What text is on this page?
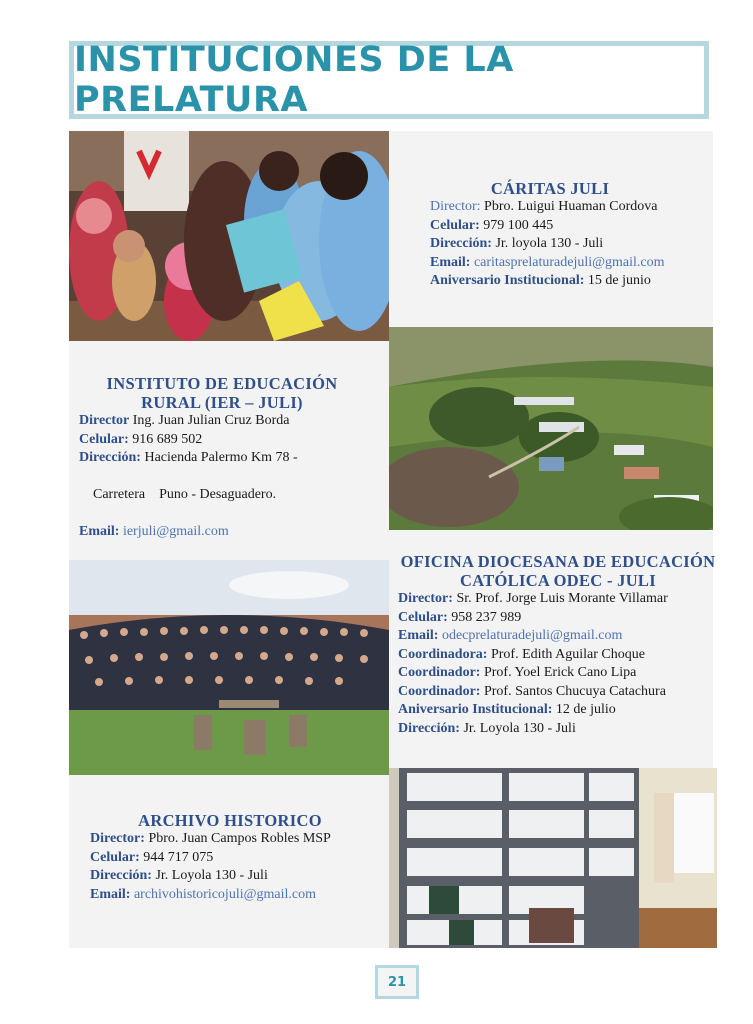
INSTITUCIONES DE LA PRELATURA
CÁRITAS JULI
Director: Pbro. Luigui Huaman Cordova
Celular: 979 100 445
Dirección: Jr. loyola 130 - Juli
Email: caritasprelaturadejuli@gmail.com
Aniversario Institucional: 15 de junio
INSTITUTO DE EDUCACIÓN
RURAL (IER – JULI)
Director Ing. Juan Julian Cruz Borda
Celular: 916 689 502
Dirección: Hacienda Palermo Km 78 -

Carretera    Puno - Desaguadero.

Email: ierjuli@gmail.com
OFICINA DIOCESANA DE EDUCACIÓN
CATÓLICA ODEC - JULI
Director: Sr. Prof. Jorge Luis Morante Villamar
Celular: 958 237 989
Email: odecprelaturadejuli@gmail.com
Coordinadora: Prof. Edith Aguilar Choque
Coordinador: Prof. Yoel Erick Cano Lipa
Coordinador: Prof. Santos Chucuya Catachura
Aniversario Institucional: 12 de julio
Dirección: Jr. Loyola 130 - Juli
ARCHIVO HISTORICO
Director: Pbro. Juan Campos Robles MSP
Celular: 944 717 075
Dirección: Jr. Loyola 130 - Juli
Email: archivohistoricojuli@gmail.com
21
